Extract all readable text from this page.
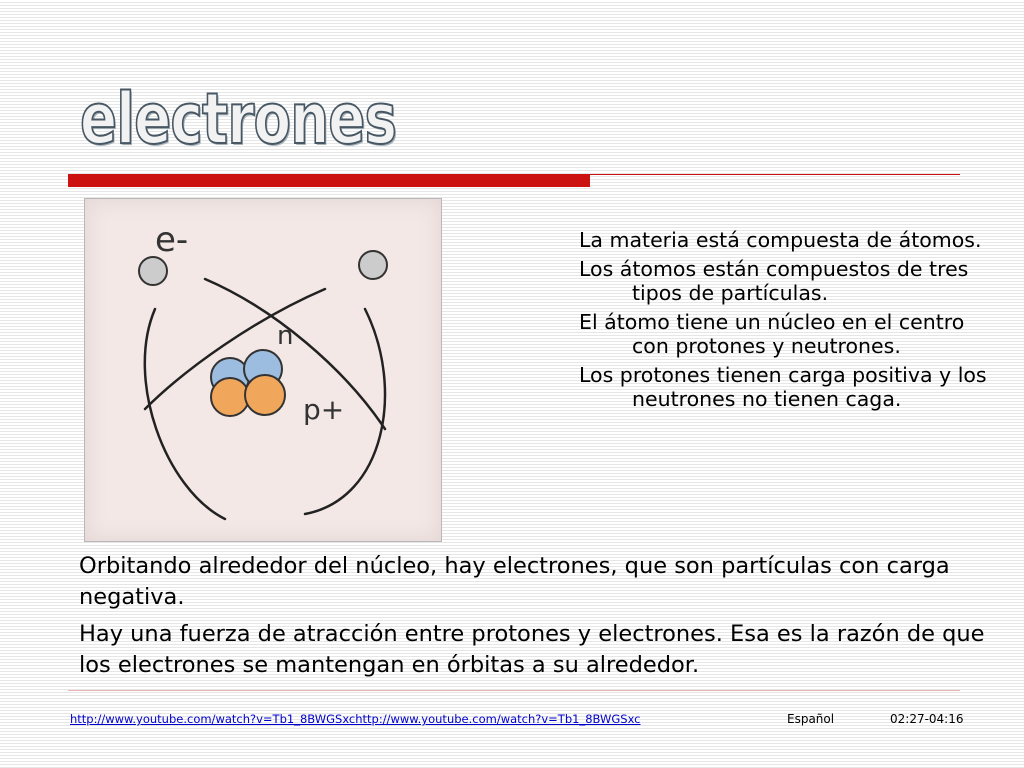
electrones
e-
n
p+
La materia está compuesta de átomos.
Los átomos están compuestos de tres tipos de partículas.
El átomo tiene un núcleo en el centro con protones y neutrones.
Los protones tienen carga positiva y los neutrones no tienen caga.

Orbitando alrededor del núcleo, hay electrones, que son partículas con carga negativa.

Hay una fuerza de atracción entre protones y electrones. Esa es la razón de que los electrones se mantengan en órbitas a su alrededor.

http://www.youtube.com/watch?v=Tb1_8BWGSxchttp://www.youtube.com/watch?v=Tb1_8BWGSxc	Español	02:27-04:16
